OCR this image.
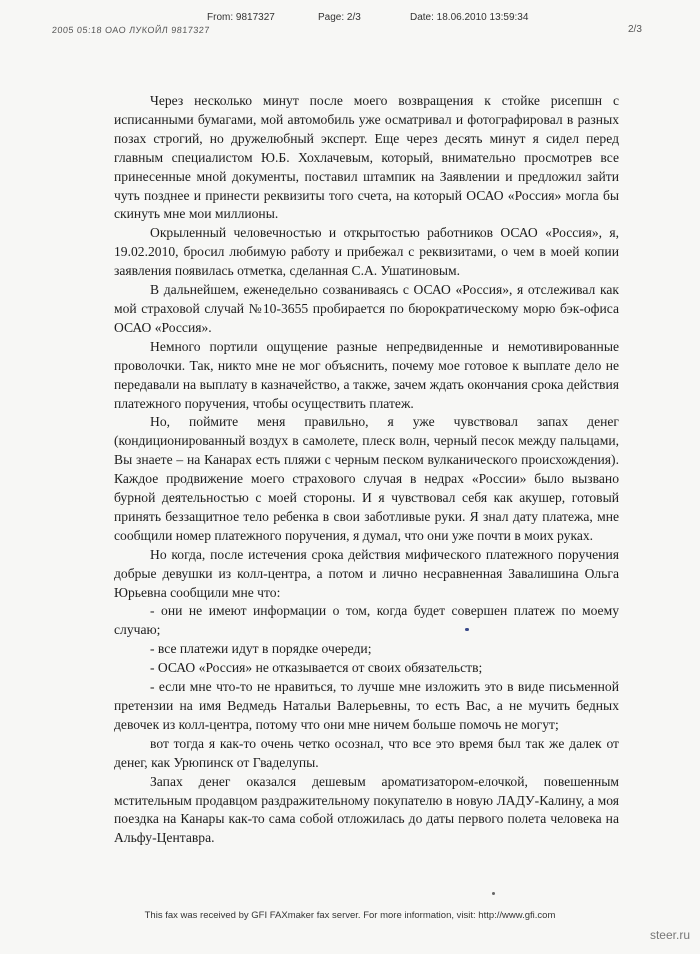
From: 9817327	Page: 2/3	Date: 18.06.2010 13:59:34
2005 05:18 ОАО ЛУКОЙЛ 9817327	2/3

Через несколько минут после моего возвращения к стойке рисепшн с исписанными бумагами, мой автомобиль уже осматривал и фотографировал в разных позах строгий, но дружелюбный эксперт. Еще через десять минут я сидел перед главным специалистом Ю.Б. Хохлачевым, который, внимательно просмотрев все принесенные мной документы, поставил штампик на Заявлении и предложил зайти чуть позднее и принести реквизиты того счета, на который ОСАО «Россия» могла бы скинуть мне мои миллионы.

Окрыленный человечностью и открытостью работников ОСАО «Россия», я, 19.02.2010, бросил любимую работу и прибежал с реквизитами, о чем в моей копии заявления появилась отметка, сделанная С.А. Ушатиновым.

В дальнейшем, еженедельно созваниваясь с ОСАО «Россия», я отслеживал как мой страховой случай №10-3655 пробирается по бюрократическому морю бэк-офиса ОСАО «Россия».

Немного портили ощущение разные непредвиденные и немотивированные проволочки. Так, никто мне не мог объяснить, почему мое готовое к выплате дело не передавали на выплату в казначейство, а также, зачем ждать окончания срока действия платежного поручения, чтобы осуществить платеж.

Но, поймите меня правильно, я уже чувствовал запах денег (кондиционированный воздух в самолете, плеск волн, черный песок между пальцами, Вы знаете – на Канарах есть пляжи с черным песком вулканического происхождения). Каждое продвижение моего страхового случая в недрах «России» было вызвано бурной деятельностью с моей стороны. И я чувствовал себя как акушер, готовый принять беззащитное тело ребенка в свои заботливые руки. Я знал дату платежа, мне сообщили номер платежного поручения, я думал, что они уже почти в моих руках.

Но когда, после истечения срока действия мифического платежного поручения добрые девушки из колл-центра, а потом и лично несравненная Завалишина Ольга Юрьевна сообщили мне что:

- они не имеют информации о том, когда будет совершен платеж по моему случаю;

- все платежи идут в порядке очереди;

- ОСАО «Россия» не отказывается от своих обязательств;

- если мне что-то не нравиться, то лучше мне изложить это в виде письменной претензии на имя Ведмедь Натальи Валерьевны, то есть Вас, а не мучить бедных девочек из колл-центра, потому что они мне ничем больше помочь не могут;

вот тогда я как-то очень четко осознал, что все это время был так же далек от денег, как Урюпинск от Гваделупы.

Запах денег оказался дешевым ароматизатором-елочкой, повешенным мстительным продавцом раздражительному покупателю в новую ЛАДУ-Калину, а моя поездка на Канары как-то сама собой отложилась до даты первого полета человека на Альфу-Центавра.

This fax was received by GFI FAXmaker fax server. For more information, visit: http://www.gfi.com
steer.ru
